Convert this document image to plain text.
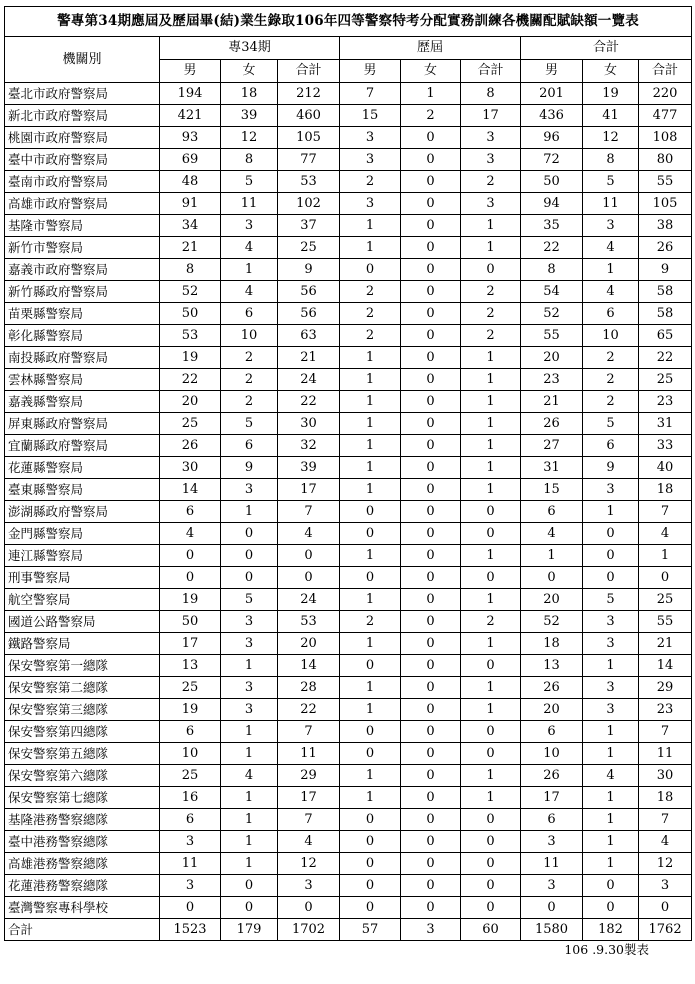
警專第34期應屆及歷屆畢(結)業生錄取106年四等警察特考分配實務訓練各機關配賦缺額一覽表									
機關別	專34期			歷屆			合計		
	男	女	合計	男	女	合計	男	女	合計
臺北市政府警察局	194	18	212	7	1	8	201	19	220
新北市政府警察局	421	39	460	15	2	17	436	41	477
桃園市政府警察局	93	12	105	3	0	3	96	12	108
臺中市政府警察局	69	8	77	3	0	3	72	8	80
臺南市政府警察局	48	5	53	2	0	2	50	5	55
高雄市政府警察局	91	11	102	3	0	3	94	11	105
基隆市警察局	34	3	37	1	0	1	35	3	38
新竹市警察局	21	4	25	1	0	1	22	4	26
嘉義市政府警察局	8	1	9	0	0	0	8	1	9
新竹縣政府警察局	52	4	56	2	0	2	54	4	58
苗栗縣警察局	50	6	56	2	0	2	52	6	58
彰化縣警察局	53	10	63	2	0	2	55	10	65
南投縣政府警察局	19	2	21	1	0	1	20	2	22
雲林縣警察局	22	2	24	1	0	1	23	2	25
嘉義縣警察局	20	2	22	1	0	1	21	2	23
屏東縣政府警察局	25	5	30	1	0	1	26	5	31
宜蘭縣政府警察局	26	6	32	1	0	1	27	6	33
花蓮縣警察局	30	9	39	1	0	1	31	9	40
臺東縣警察局	14	3	17	1	0	1	15	3	18
澎湖縣政府警察局	6	1	7	0	0	0	6	1	7
金門縣警察局	4	0	4	0	0	0	4	0	4
連江縣警察局	0	0	0	1	0	1	1	0	1
刑事警察局	0	0	0	0	0	0	0	0	0
航空警察局	19	5	24	1	0	1	20	5	25
國道公路警察局	50	3	53	2	0	2	52	3	55
鐵路警察局	17	3	20	1	0	1	18	3	21
保安警察第一總隊	13	1	14	0	0	0	13	1	14
保安警察第二總隊	25	3	28	1	0	1	26	3	29
保安警察第三總隊	19	3	22	1	0	1	20	3	23
保安警察第四總隊	6	1	7	0	0	0	6	1	7
保安警察第五總隊	10	1	11	0	0	0	10	1	11
保安警察第六總隊	25	4	29	1	0	1	26	4	30
保安警察第七總隊	16	1	17	1	0	1	17	1	18
基隆港務警察總隊	6	1	7	0	0	0	6	1	7
臺中港務警察總隊	3	1	4	0	0	0	3	1	4
高雄港務警察總隊	11	1	12	0	0	0	11	1	12
花蓮港務警察總隊	3	0	3	0	0	0	3	0	3
臺灣警察專科學校	0	0	0	0	0	0	0	0	0
合計	1523	179	1702	57	3	60	1580	182	1762
106 .9.30製表
